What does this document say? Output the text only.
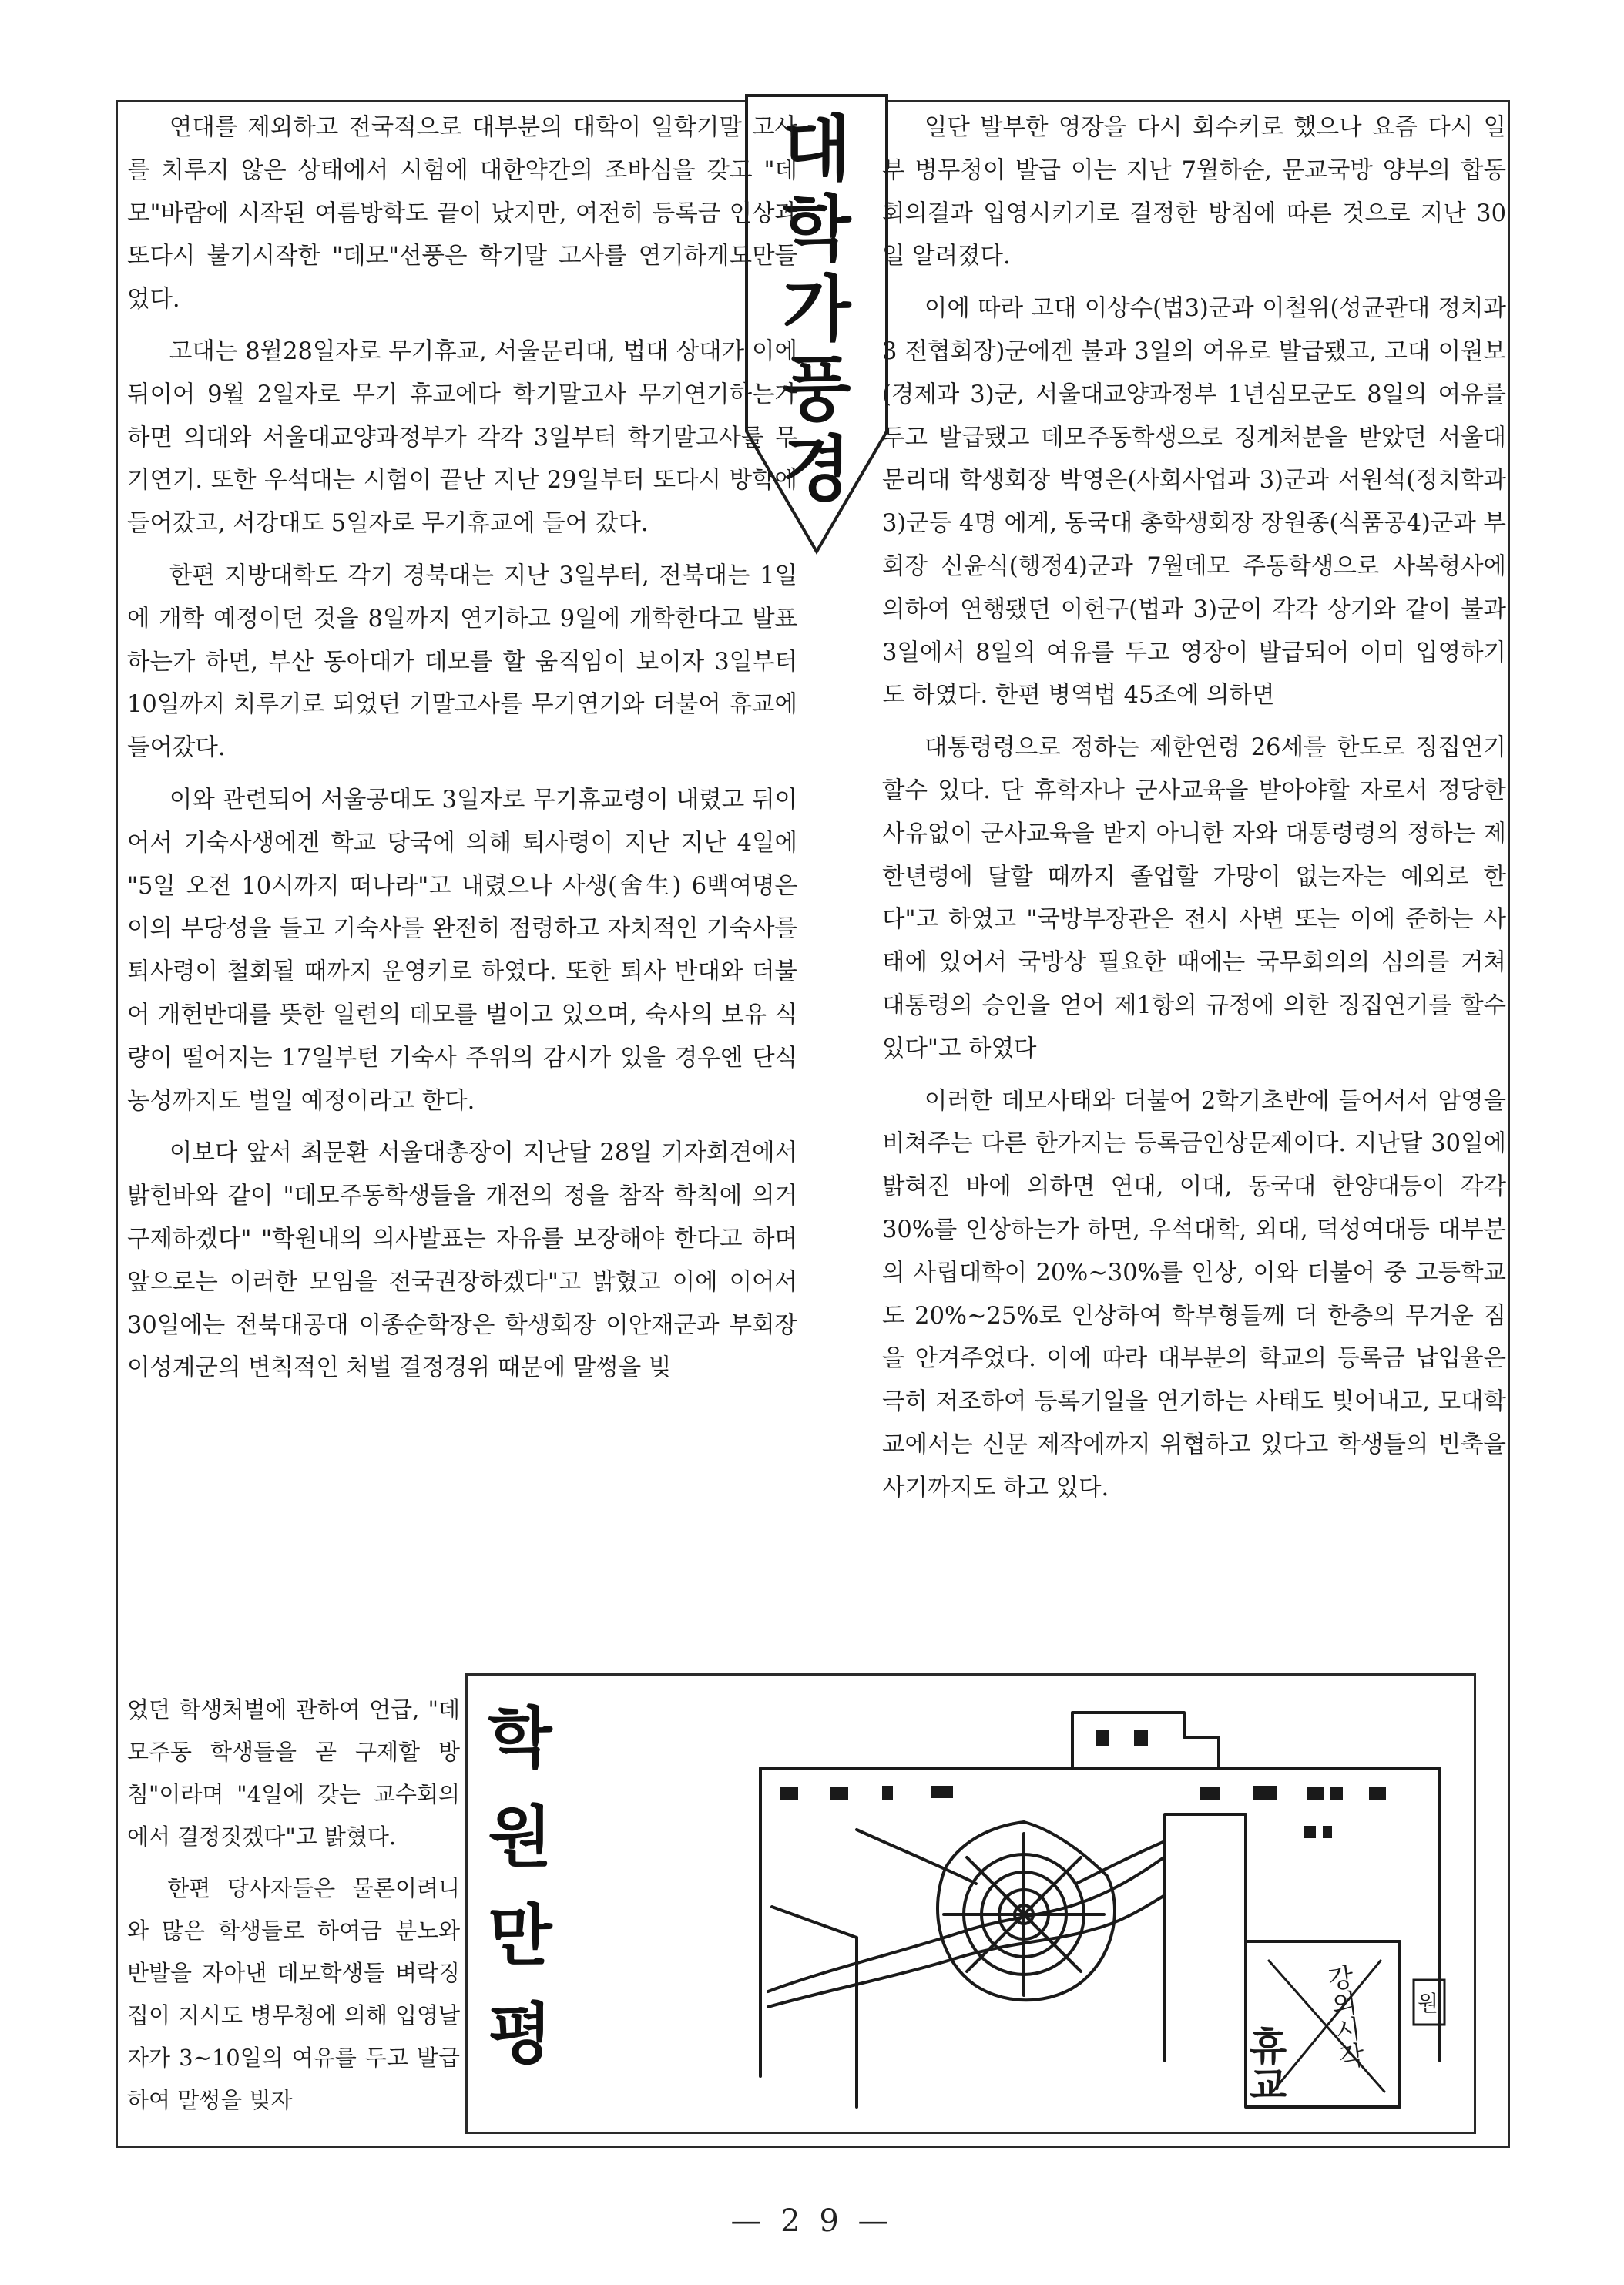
대
학
가
풍
경

연대를 제외하고 전국적으로 대부분의 대학이 일학기말 고사를 치루지 않은 상태에서 시험에 대한약간의 조바심을 갖고 "데모"바람에 시작된 여름방학도 끝이 났지만, 여전히 등록금 인상과 또다시 불기시작한 "데모"선풍은 학기말 고사를 연기하게도만들었다.

고대는 8월28일자로 무기휴교, 서울문리대, 법대 상대가 이에 뒤이어 9월 2일자로 무기 휴교에다 학기말고사 무기연기하는가 하면 의대와 서울대교양과정부가 각각 3일부터 학기말고사를 무기연기. 또한 우석대는 시험이 끝난 지난 29일부터 또다시 방학에 들어갔고, 서강대도 5일자로 무기휴교에 들어 갔다.

한편 지방대학도 각기 경북대는 지난 3일부터, 전북대는 1일에 개학 예정이던 것을 8일까지 연기하고 9일에 개학한다고 발표하는가 하면, 부산 동아대가 데모를 할 움직임이 보이자 3일부터 10일까지 치루기로 되었던 기말고사를 무기연기와 더불어 휴교에 들어갔다.

이와 관련되어 서울공대도 3일자로 무기휴교령이 내렸고 뒤이어서 기숙사생에겐 학교 당국에 의해 퇴사령이 지난 지난 4일에 "5일 오전 10시까지 떠나라"고 내렸으나 사생(舍生) 6백여명은 이의 부당성을 들고 기숙사를 완전히 점령하고 자치적인 기숙사를 퇴사령이 철회될 때까지 운영키로 하였다. 또한 퇴사 반대와 더불어 개헌반대를 뜻한 일련의 데모를 벌이고 있으며, 숙사의 보유 식량이 떨어지는 17일부턴 기숙사 주위의 감시가 있을 경우엔 단식 농성까지도 벌일 예정이라고 한다.

이보다 앞서 최문환 서울대총장이 지난달 28일 기자회견에서 밝힌바와 같이 "데모주동학생들을 개전의 정을 참작 학칙에 의거 구제하겠다" "학원내의 의사발표는 자유를 보장해야 한다고 하며 앞으로는 이러한 모임을 전국권장하겠다"고 밝혔고 이에 이어서 30일에는 전북대공대 이종순학장은 학생회장 이안재군과 부회장 이성계군의 변칙적인 처벌 결정경위 때문에 말썽을 빚

일단 발부한 영장을 다시 회수키로 했으나 요즘 다시 일부 병무청이 발급 이는 지난 7월하순, 문교국방 양부의 합동회의결과 입영시키기로 결정한 방침에 따른 것으로 지난 30일 알려졌다.

이에 따라 고대 이상수(법3)군과 이철위(성균관대 정치과 3 전협회장)군에겐 불과 3일의 여유로 발급됐고, 고대 이원보(경제과 3)군, 서울대교양과정부 1년심모군도 8일의 여유를 두고 발급됐고 데모주동학생으로 징계처분을 받았던 서울대 문리대 학생회장 박영은(사회사업과 3)군과 서원석(정치학과3)군등 4명 에게, 동국대 총학생회장 장원종(식품공4)군과 부회장 신윤식(행정4)군과 7월데모 주동학생으로 사복형사에 의하여 연행됐던 이헌구(법과 3)군이 각각 상기와 같이 불과 3일에서 8일의 여유를 두고 영장이 발급되어 이미 입영하기도 하였다. 한편 병역법 45조에 의하면

대통령령으로 정하는 제한연령 26세를 한도로 징집연기 할수 있다. 단 휴학자나 군사교육을 받아야할 자로서 정당한 사유없이 군사교육을 받지 아니한 자와 대통령령의 정하는 제한년령에 달할 때까지 졸업할 가망이 없는자는 예외로 한다"고 하였고 "국방부장관은 전시 사변 또는 이에 준하는 사태에 있어서 국방상 필요한 때에는 국무회의의 심의를 거쳐 대통령의 승인을 얻어 제1항의 규정에 의한 징집연기를 할수 있다"고 하였다

이러한 데모사태와 더불어 2학기초반에 들어서서 암영을 비쳐주는 다른 한가지는 등록금인상문제이다. 지난달 30일에 밝혀진 바에 의하면 연대, 이대, 동국대 한양대등이 각각 30%를 인상하는가 하면, 우석대학, 외대, 덕성여대등 대부분의 사립대학이 20%~30%를 인상, 이와 더불어 중 고등학교도 20%~25%로 인상하여 학부형들께 더 한층의 무거운 짐을 안겨주었다. 이에 따라 대부분의 학교의 등록금 납입율은 극히 저조하여 등록기일을 연기하는 사태도 빚어내고, 모대학교에서는 신문 제작에까지 위협하고 있다고 학생들의 빈축을 사기까지도 하고 있다.

었던 학생처벌에 관하여 언급, "데모주동 학생들을 곧 구제할 방침"이라며 "4일에 갖는 교수회의에서 결정짓겠다"고 밝혔다.

한편 당사자들은 물론이려니와 많은 학생들로 하여금 분노와 반발을 자아낸 데모학생들 벼락징집이 지시도 병무청에 의해 입영날자가 3~10일의 여유를 두고 발급하여 말썽을 빚자

학
원
만
평	휴교 강의시작 원
— 2 9 —
